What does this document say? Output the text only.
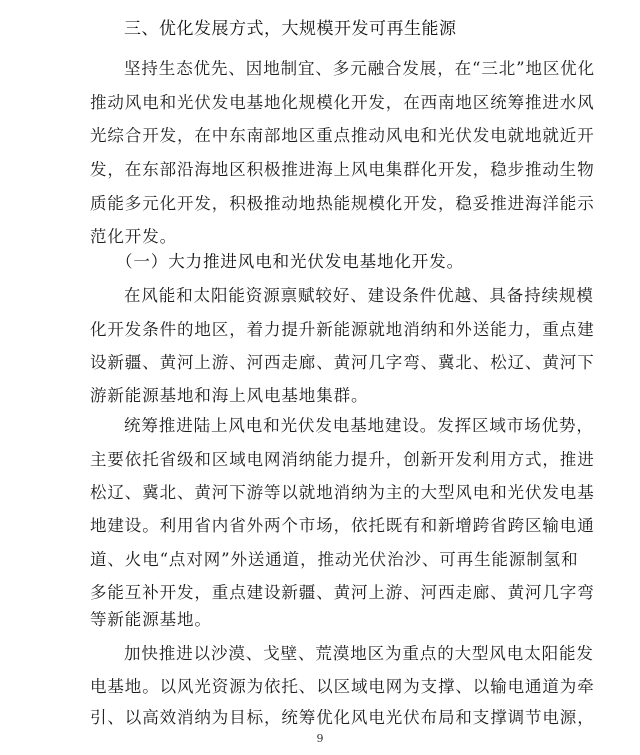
三、优化发展方式，大规模开发可再生能源
坚持生态优先、因地制宜、多元融合发展，在“三北”地区优化
推动风电和光伏发电基地化规模化开发，在西南地区统筹推进水风
光综合开发，在中东南部地区重点推动风电和光伏发电就地就近开
发，在东部沿海地区积极推进海上风电集群化开发，稳步推动生物
质能多元化开发，积极推动地热能规模化开发，稳妥推进海洋能示
范化开发。
（一）大力推进风电和光伏发电基地化开发。
在风能和太阳能资源禀赋较好、建设条件优越、具备持续规模
化开发条件的地区，着力提升新能源就地消纳和外送能力，重点建
设新疆、黄河上游、河西走廊、黄河几字弯、冀北、松辽、黄河下
游新能源基地和海上风电基地集群。
统筹推进陆上风电和光伏发电基地建设。发挥区域市场优势，
主要依托省级和区域电网消纳能力提升，创新开发利用方式，推进
松辽、冀北、黄河下游等以就地消纳为主的大型风电和光伏发电基
地建设。利用省内省外两个市场，依托既有和新增跨省跨区输电通
道、火电“点对网”外送通道，推动光伏治沙、可再生能源制氢和
多能互补开发，重点建设新疆、黄河上游、河西走廊、黄河几字弯
等新能源基地。
加快推进以沙漠、戈壁、荒漠地区为重点的大型风电太阳能发
电基地。以风光资源为依托、以区域电网为支撑、以输电通道为牵
引、以高效消纳为目标，统筹优化风电光伏布局和支撑调节电源，
9
